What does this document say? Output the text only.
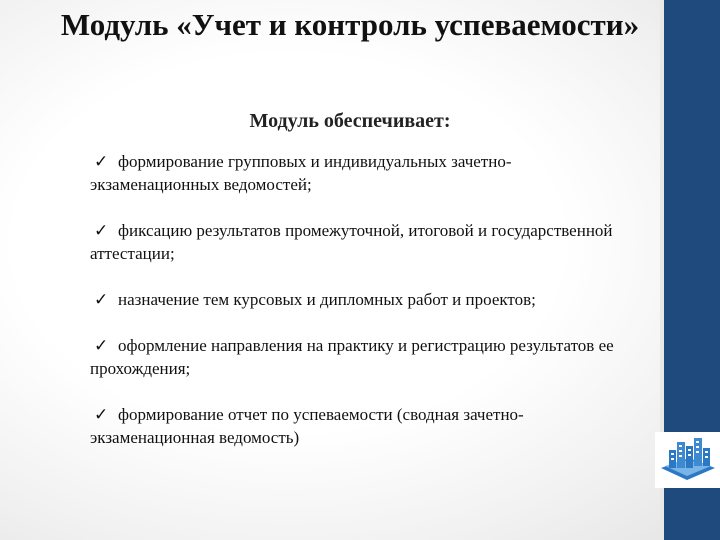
Модуль «Учет и контроль успеваемости»
Модуль обеспечивает:
✓ формирование групповых и индивидуальных зачетно-экзаменационных ведомостей;
✓ фиксацию результатов промежуточной, итоговой и государственной аттестации;
✓ назначение тем курсовых и дипломных работ и проектов;
✓ оформление направления на практику и регистрацию результатов ее прохождения;
✓ формирование отчет по успеваемости (сводная зачетно-экзаменационная ведомость)
